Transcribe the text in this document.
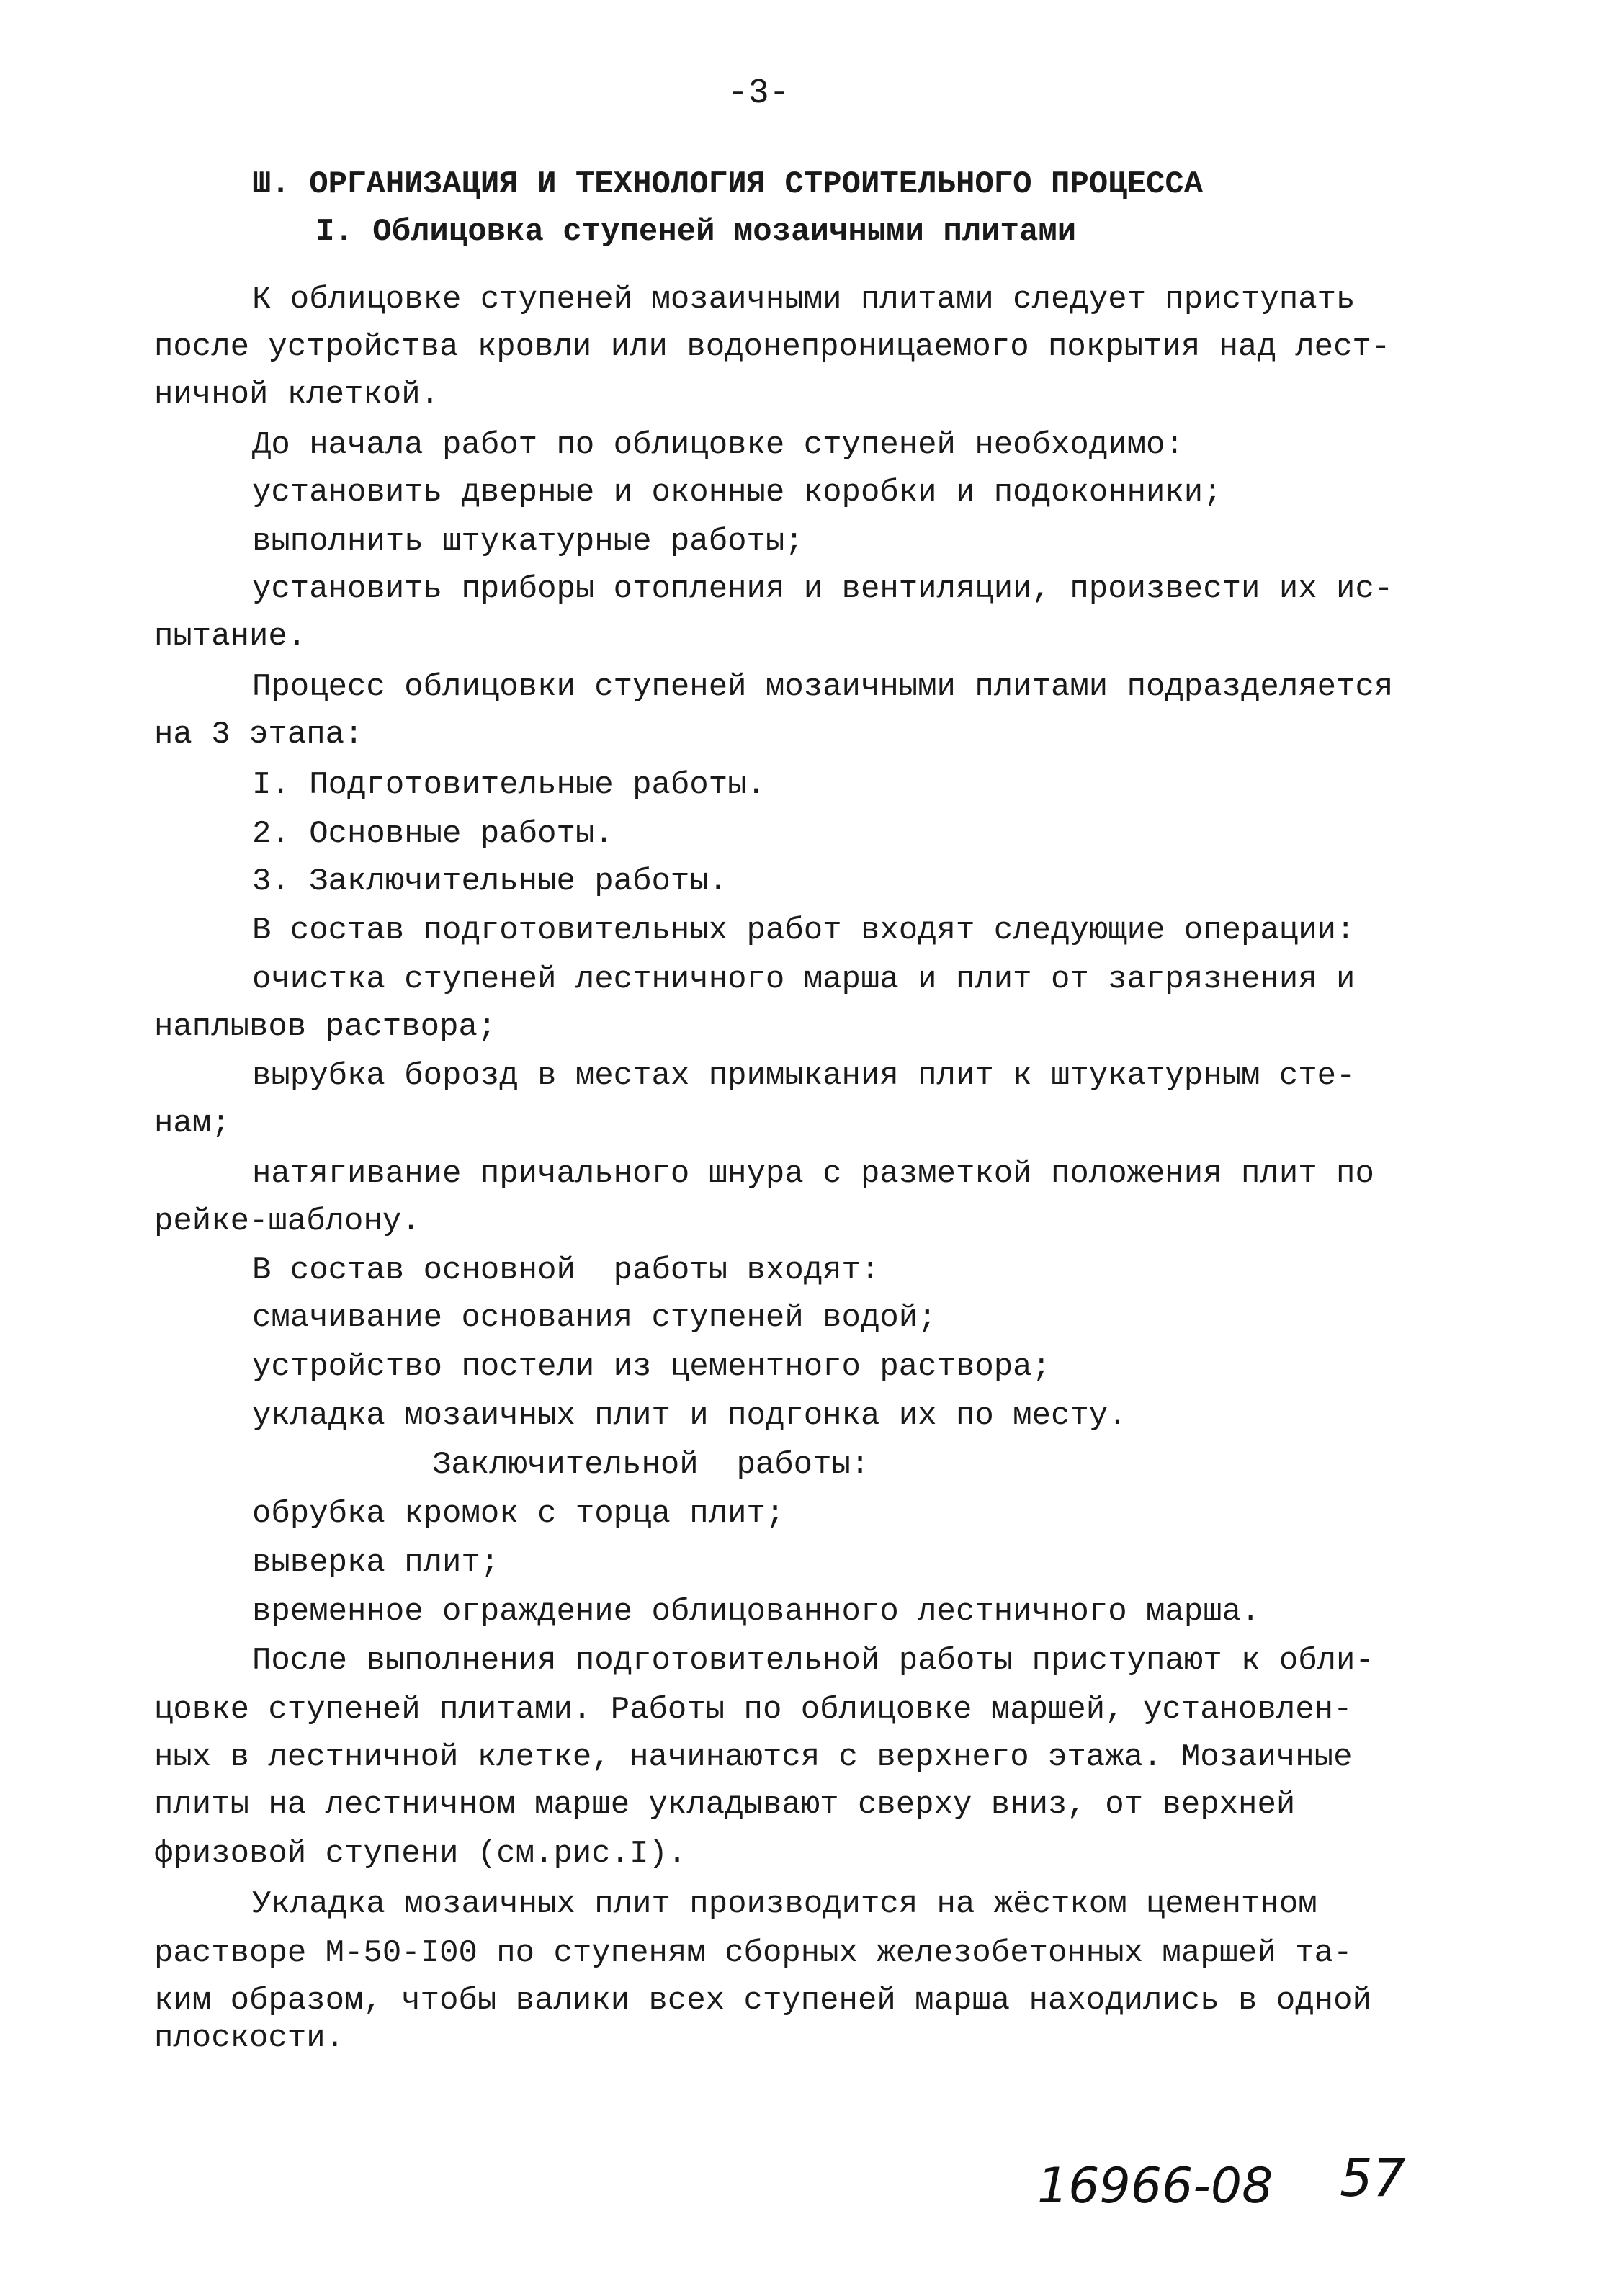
-3-
Ш. ОРГАНИЗАЦИЯ И ТЕХНОЛОГИЯ СТРОИТЕЛЬНОГО ПРОЦЕССА
I. Облицовка ступеней мозаичными плитами
К облицовке ступеней мозаичными плитами следует приступать
после устройства кровли или водонепроницаемого покрытия над лест-
ничной клеткой.
До начала работ по облицовке ступеней необходимо:
установить дверные и оконные коробки и подоконники;
выполнить штукатурные работы;
установить приборы отопления и вентиляции, произвести их ис-
пытание.
Процесс облицовки ступеней мозаичными плитами подразделяется
на 3 этапа:
I. Подготовительные работы.
2. Основные работы.
3. Заключительные работы.
В состав подготовительных работ входят следующие операции:
очистка ступеней лестничного марша и плит от загрязнения и
наплывов раствора;
вырубка борозд в местах примыкания плит к штукатурным сте-
нам;
натягивание причального шнура с разметкой положения плит по
рейке-шаблону.
В состав основной  работы входят:
смачивание основания ступеней водой;
устройство постели из цементного раствора;
укладка мозаичных плит и подгонка их по месту.
Заключительной  работы:
обрубка кромок с торца плит;
выверка плит;
временное ограждение облицованного лестничного марша.
После выполнения подготовительной работы приступают к обли-
цовке ступеней плитами. Работы по облицовке маршей, установлен-
ных в лестничной клетке, начинаются с верхнего этажа. Мозаичные
плиты на лестничном марше укладывают сверху вниз, от верхней
фризовой ступени (см.рис.I).
Укладка мозаичных плит производится на жёстком цементном
растворе М-50-I00 по ступеням сборных железобетонных маршей та-
ким образом, чтобы валики всех ступеней марша находились в одной
плоскости.
16966-08 57
